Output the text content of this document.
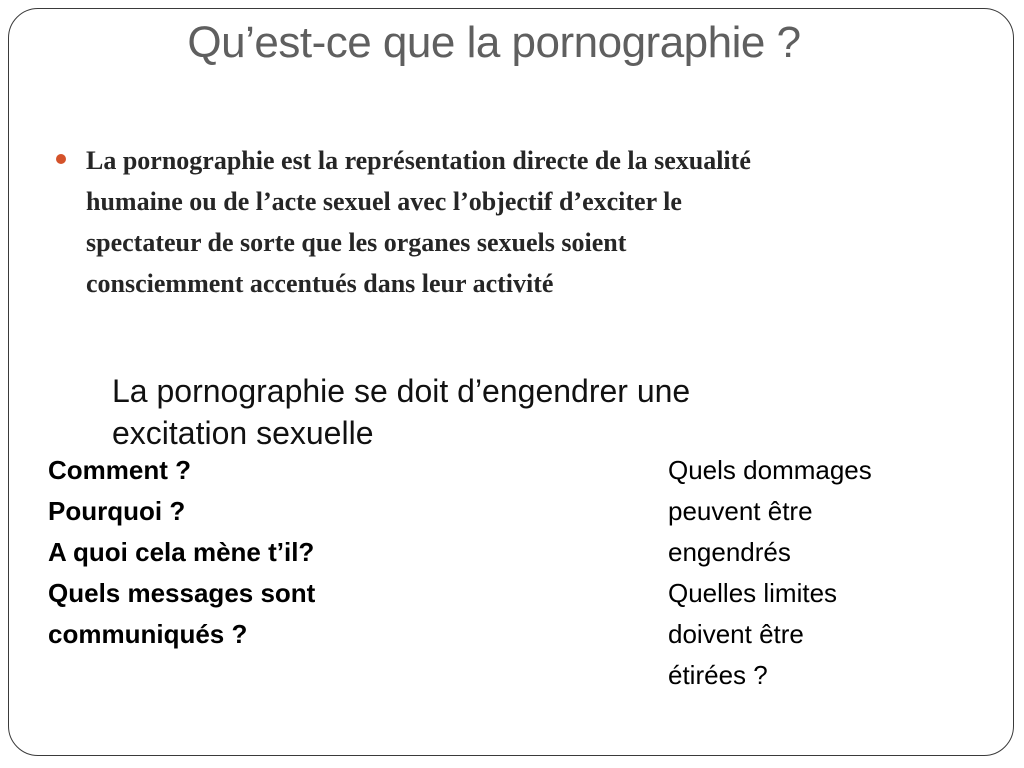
Qu’est-ce que la pornographie ?
La pornographie est la représentation directe de la sexualité
humaine ou de l’acte sexuel avec l’objectif d’exciter le
spectateur de sorte que les organes sexuels soient
consciemment accentués dans leur activité
La pornographie se doit d’engendrer une
excitation sexuelle
Comment ?
Pourquoi ?
A quoi cela mène t’il?
Quels messages sont
communiqués ?
Quels dommages
peuvent être
engendrés
Quelles limites
doivent être
étirées ?
